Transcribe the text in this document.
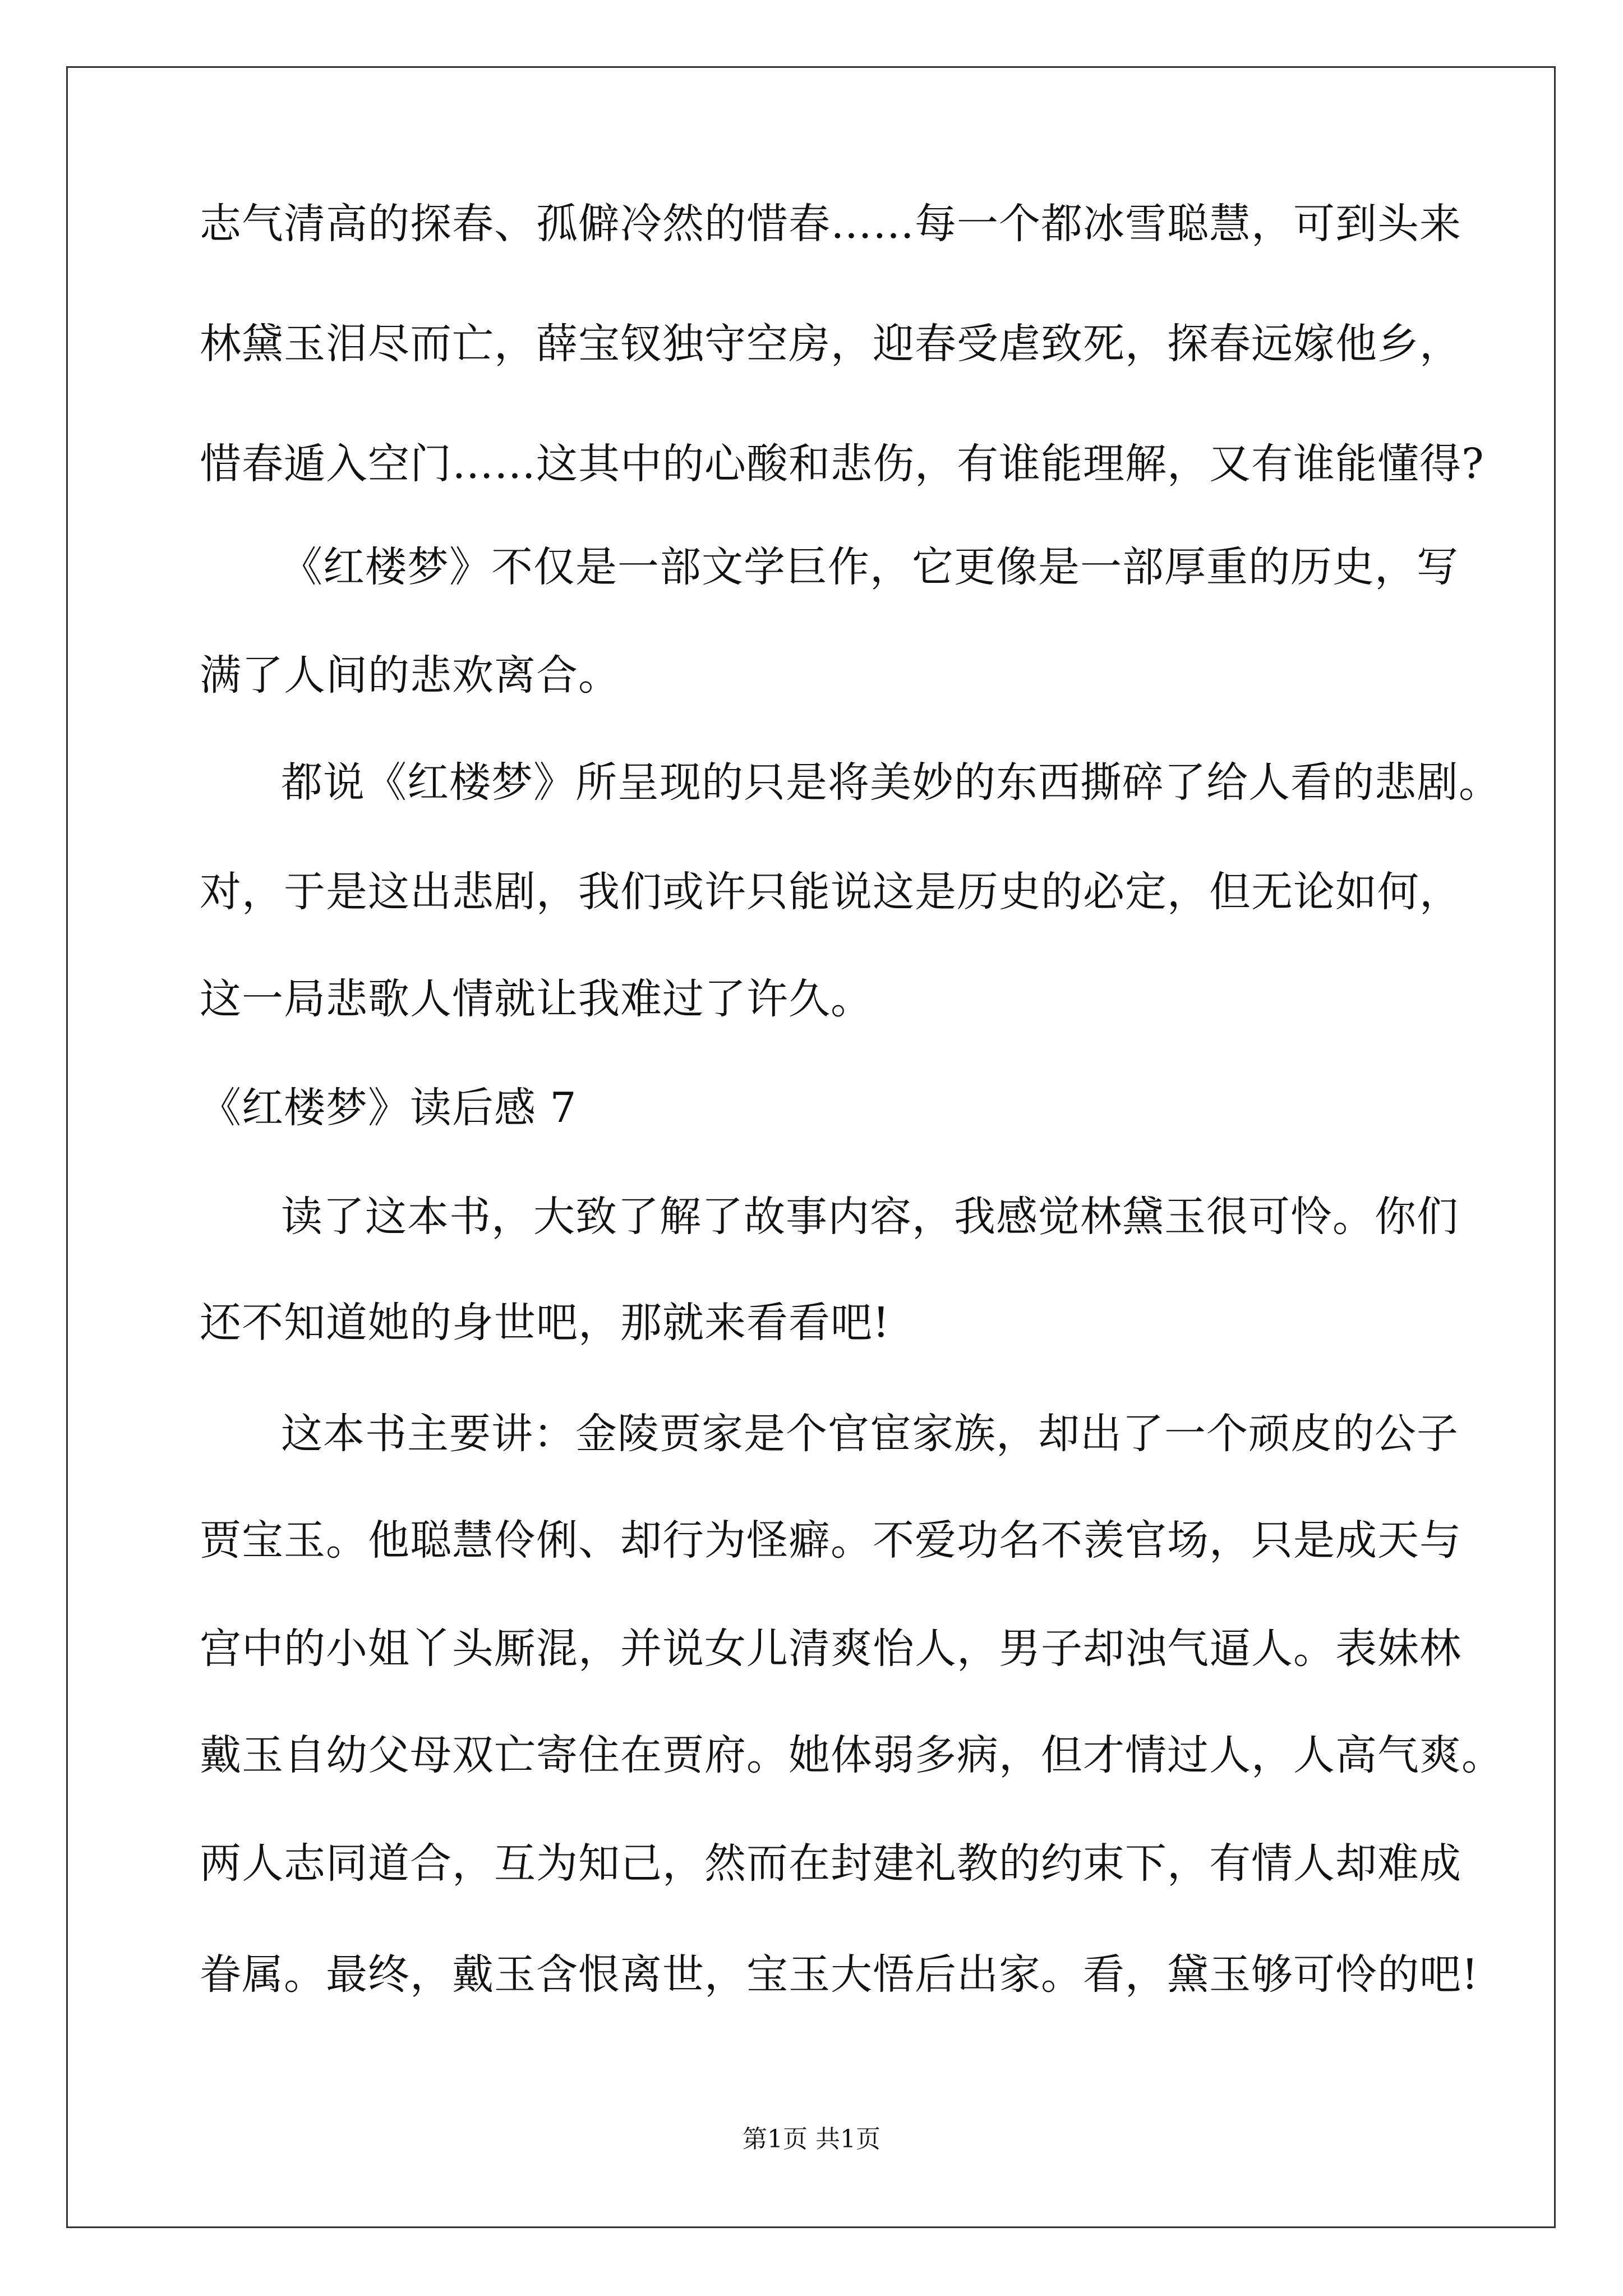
志气清高的探春、孤僻冷然的惜春……每一个都冰雪聪慧，可到头来
林黛玉泪尽而亡，薛宝钗独守空房，迎春受虐致死，探春远嫁他乡，
惜春遁入空门……这其中的心酸和悲伤，有谁能理解，又有谁能懂得?
《红楼梦》不仅是一部文学巨作，它更像是一部厚重的历史，写
满了人间的悲欢离合。
都说《红楼梦》所呈现的只是将美妙的东西撕碎了给人看的悲剧。
对，于是这出悲剧，我们或许只能说这是历史的必定，但无论如何，
这一局悲歌人情就让我难过了许久。
《红楼梦》读后感 7
读了这本书，大致了解了故事内容，我感觉林黛玉很可怜。你们
还不知道她的身世吧，那就来看看吧!
这本书主要讲：金陵贾家是个官宦家族，却出了一个顽皮的公子
贾宝玉。他聪慧伶俐、却行为怪癖。不爱功名不羡官场，只是成天与
宫中的小姐丫头厮混，并说女儿清爽怡人，男子却浊气逼人。表妹林
戴玉自幼父母双亡寄住在贾府。她体弱多病，但才情过人，人高气爽。
两人志同道合，互为知己，然而在封建礼教的约束下，有情人却难成
眷属。最终，戴玉含恨离世，宝玉大悟后出家。看，黛玉够可怜的吧!
第1页 共1页
